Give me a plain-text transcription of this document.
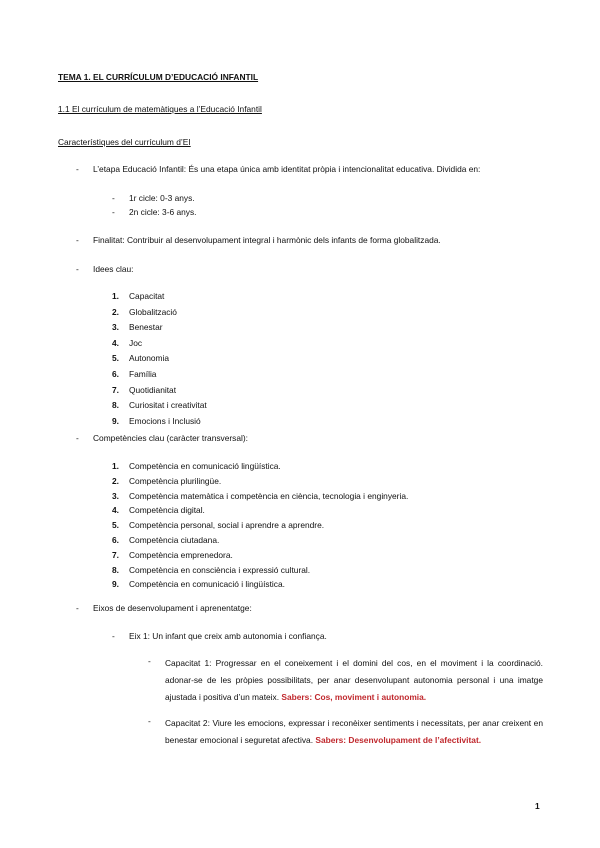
TEMA 1. EL CURRÍCULUM D’EDUCACIÓ INFANTIL
1.1 El currículum de matemàtiques a l’Educació Infantil
Característiques del currículum d’EI
- L’etapa Educació Infantil: És una etapa única amb identitat pròpia i intencionalitat educativa. Dividida en:
- 1r cicle: 0-3 anys.
- 2n cicle: 3-6 anys.
- Finalitat: Contribuir al desenvolupament integral i harmònic dels infants de forma globalitzada.
- Idees clau:
1. Capacitat
2. Globalització
3. Benestar
4. Joc
5. Autonomia
6. Família
7. Quotidianitat
8. Curiositat i creativitat
9. Emocions i Inclusió
- Competències clau (caràcter transversal):
1. Competència en comunicació lingüística.
2. Competència plurilingüe.
3. Competència matemàtica i competència en ciència, tecnologia i enginyeria.
4. Competència digital.
5. Competència personal, social i aprendre a aprendre.
6. Competència ciutadana.
7. Competència emprenedora.
8. Competència en consciència i expressió cultural.
9. Competència en comunicació i lingüística.
- Eixos de desenvolupament i aprenentatge:
- Eix 1: Un infant que creix amb autonomia i confiança.
- Capacitat 1: Progressar en el coneixement i el domini del cos, en el moviment i la coordinació. adonar-se de les pròpies possibilitats, per anar desenvolupant autonomia personal i una imatge ajustada i positiva d’un mateix. Sabers: Cos, moviment i autonomia.
- Capacitat 2: Viure les emocions, expressar i reconèixer sentiments i necessitats, per anar creixent en benestar emocional i seguretat afectiva. Sabers: Desenvolupament de l’afectivitat.
1
